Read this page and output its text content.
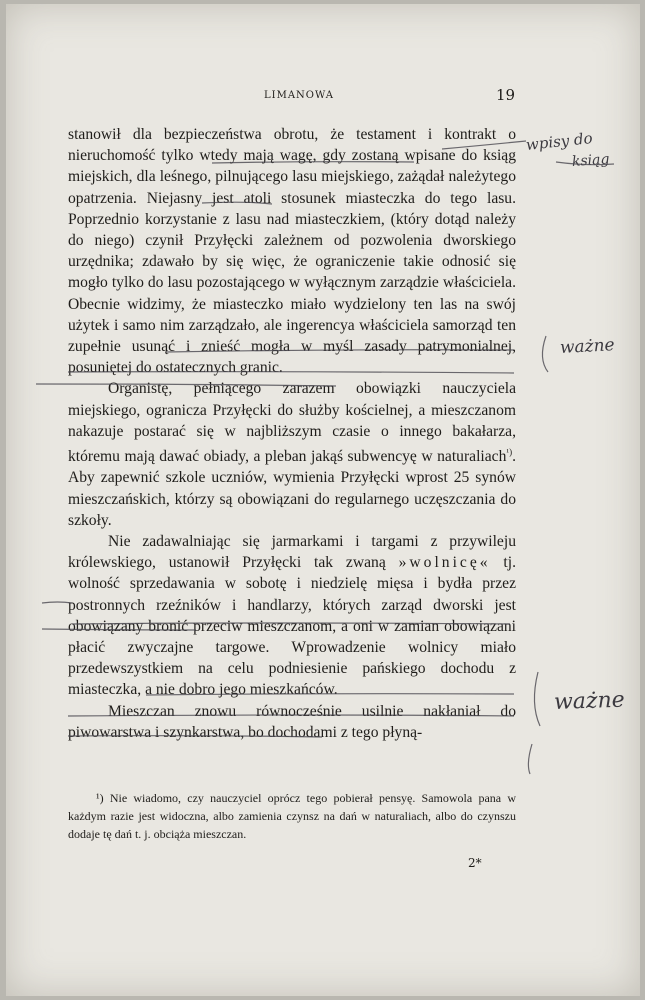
LIMANOWA	19

stanowił dla bezpieczeństwa obrotu, że testament i kontrakt o nieruchomość tylko wtedy mają wagę, gdy zostaną wpisane do ksiąg miejskich, dla leśnego, pilnującego lasu miejskiego, zażądał należytego opatrzenia. Niejasny jest atoli stosunek miasteczka do tego lasu. Poprzednio korzystanie z lasu nad miasteczkiem, (który dotąd należy do niego) czynił Przyłęcki zależnem od pozwolenia dworskiego urzędnika; zdawało by się więc, że ograniczenie takie odnosić się mogło tylko do lasu pozostającego w wyłącznym zarządzie właściciela. Obecnie widzimy, że miasteczko miało wydzielony ten las na swój użytek i samo nim zarządzało, ale ingerencya właściciela samorząd ten zupełnie usunąć i znieść mogła w myśl zasady patrymonialnej, posuniętej do ostatecznych granic.

Organistę, pełniącego zarazem obowiązki nauczyciela miejskiego, ogranicza Przyłęcki do służby kościelnej, a mieszczanom nakazuje postarać się w najbliższym czasie o innego bakałarza, któremu mają dawać obiady, a pleban jakąś subwencyę w naturaliach$^{^1)}$. Aby zapewnić szkole uczniów, wymienia Przyłęcki wprost 25 synów mieszczańskich, którzy są obowiązani do regularnego uczęszczania do szkoły.

Nie zadawalniając się jarmarkami i targami z przywileju królewskiego, ustanowił Przyłęcki tak zwaną »wolnicę« tj. wolność sprzedawania w sobotę i niedzielę mięsa i bydła przez postronnych rzeźników i handlarzy, których zarząd dworski jest obowiązany bronić przeciw mieszczanom, a oni w zamian obowiązani płacić zwyczajne targowe. Wprowadzenie wolnicy miało przedewszystkiem na celu podniesienie pańskiego dochodu z miasteczka, a nie dobro jego mieszkańców.

Mieszczan znowu równocześnie usilnie nakłaniał do piwowarstwa i szynkarstwa, bo dochodami z tego płyną-

¹) Nie wiadomo, czy nauczyciel oprócz tego pobierał pensyę. Samowola pana w każdym razie jest widoczna, albo zamienia czynsz na dań w naturaliach, albo do czynszu dodaje tę dań t. j. obciąża mieszczan.

2*
wpisy do
ksiąg
ważne
ważne
